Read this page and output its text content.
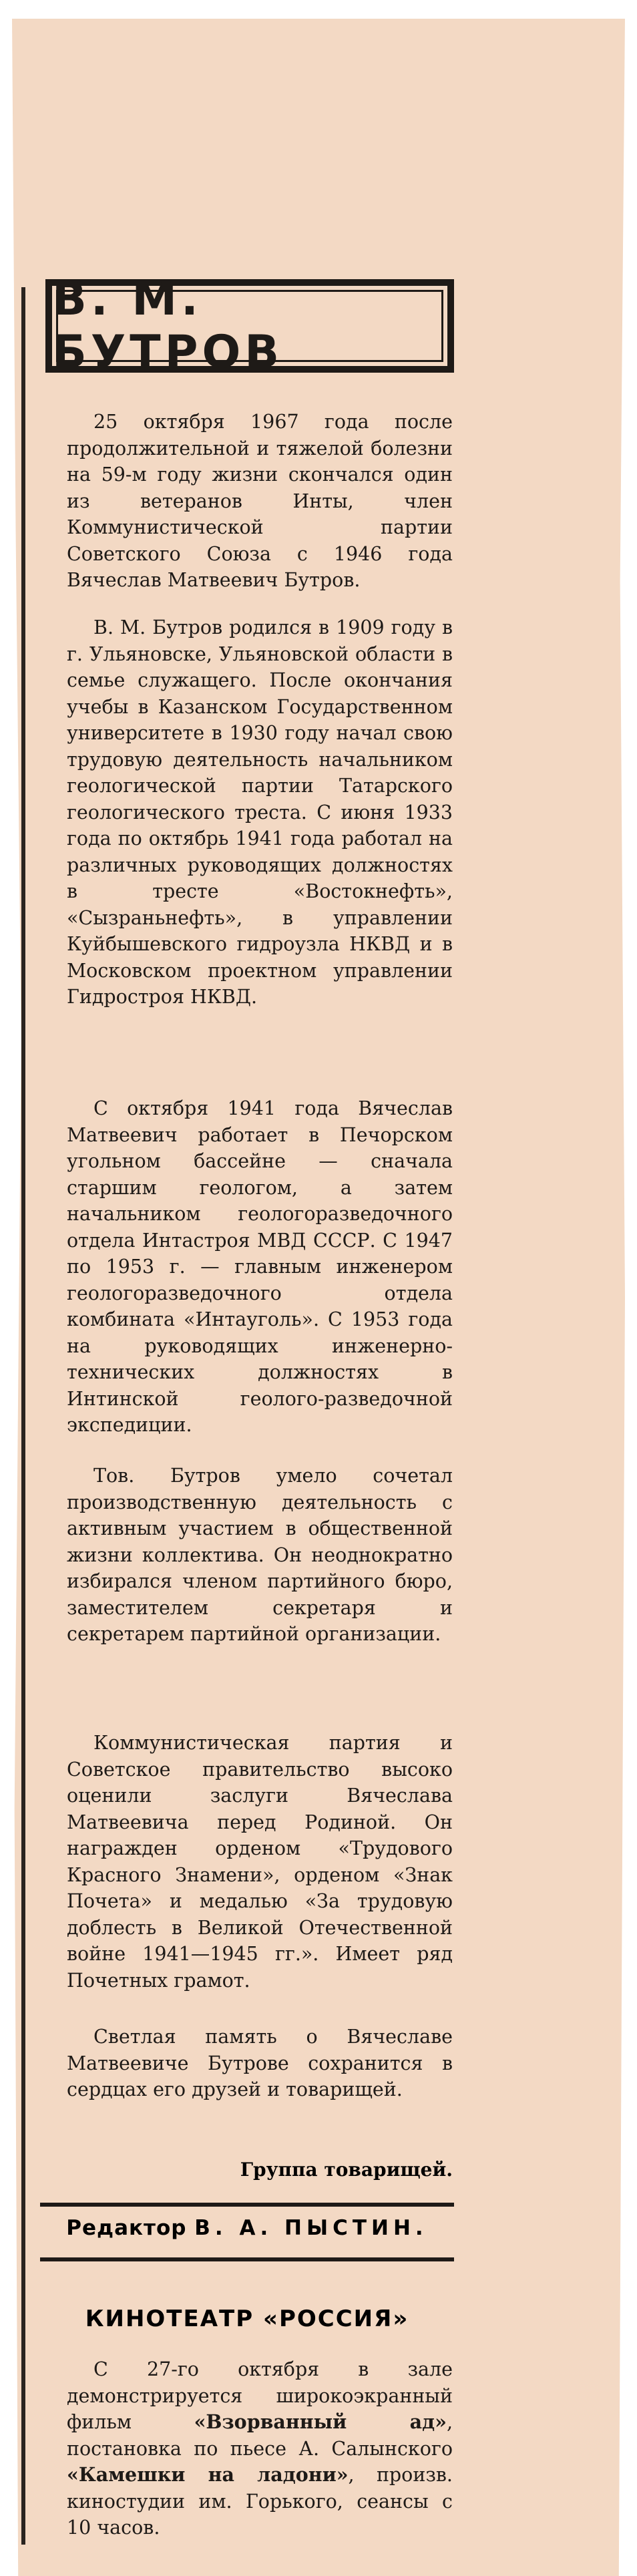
В. М. БУТРОВ

25 октября 1967 года после продолжительной и тяжелой болезни на 59-м году жизни скончался один из ветеранов Инты, член Коммунистической партии Советского Союза с 1946 года Вячеслав Матвеевич Бутров.

В. М. Бутров родился в 1909 году в г. Ульяновске, Ульяновской области в семье служащего. После окончания учебы в Казанском Государственном университете в 1930 году начал свою трудовую деятельность начальником геологической партии Татарского геологического треста. С июня 1933 года по октябрь 1941 года работал на различных руководящих должностях в тресте «Востокнефть», «Сызраньнефть», в управлении Куйбышевского гидроузла НКВД и в Московском проектном управлении Гидростроя НКВД.

С октября 1941 года Вячеслав Матвеевич работает в Печорском угольном бассейне — сначала старшим геологом, а затем начальником геологоразведочного отдела Интастроя МВД СССР. С 1947 по 1953 г. — главным инженером геологоразведочного отдела комбината «Интауголь». С 1953 года на руководящих инженерно-технических должностях в Интинской геолого-разведочной экспедиции.

Тов. Бутров умело сочетал производственную деятельность с активным участием в общественной жизни коллектива. Он неоднократно избирался членом партийного бюро, заместителем секретаря и секретарем партийной организации.

Коммунистическая партия и Советское правительство высоко оценили заслуги Вячеслава Матвеевича перед Родиной. Он награжден орденом «Трудового Красного Знамени», орденом «Знак Почета» и медалью «За трудовую доблесть в Великой Отечественной войне 1941—1945 гг.». Имеет ряд Почетных грамот.

Светлая память о Вячеславе Матвеевиче Бутрове сохранится в сердцах его друзей и товарищей.

Группа товарищей.
Редактор В. А. ПЫСТИН.
КИНОТЕАТР «РОССИЯ»

С 27-го октября в зале демонстрируется широкоэкранный фильм «Взорванный ад», постановка по пьесе А. Салынского «Камешки на ладони», произв. киностудии им. Горького, сеансы с 10 часов.
